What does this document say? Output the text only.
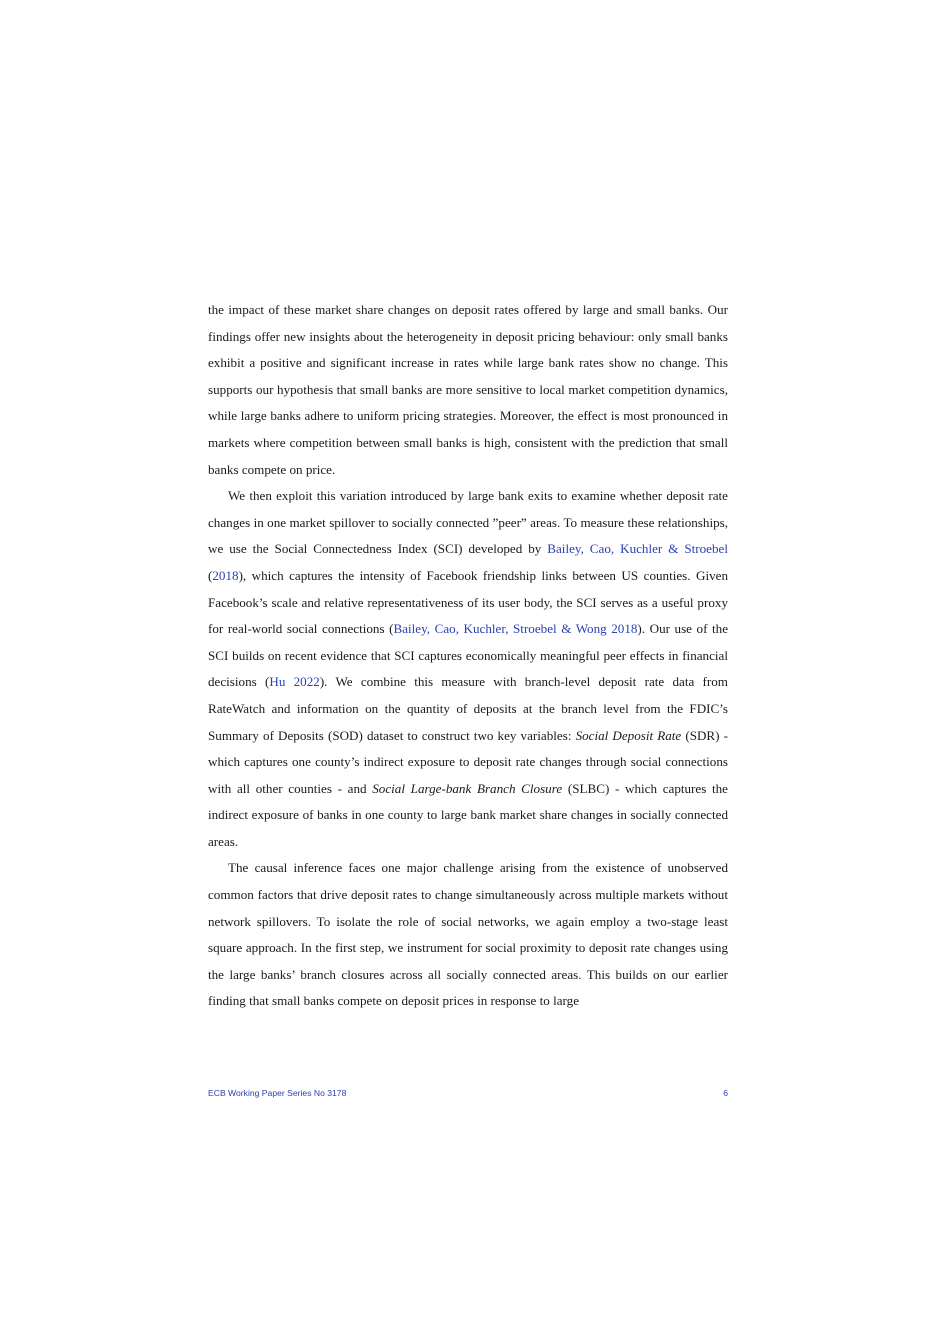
the impact of these market share changes on deposit rates offered by large and small banks. Our findings offer new insights about the heterogeneity in deposit pricing behaviour: only small banks exhibit a positive and significant increase in rates while large bank rates show no change. This supports our hypothesis that small banks are more sensitive to local market competition dynamics, while large banks adhere to uniform pricing strategies. Moreover, the effect is most pronounced in markets where competition between small banks is high, consistent with the prediction that small banks compete on price.

We then exploit this variation introduced by large bank exits to examine whether deposit rate changes in one market spillover to socially connected ”peer” areas. To measure these relationships, we use the Social Connectedness Index (SCI) developed by Bailey, Cao, Kuchler & Stroebel (2018), which captures the intensity of Facebook friendship links between US counties. Given Facebook’s scale and relative representativeness of its user body, the SCI serves as a useful proxy for real-world social connections (Bailey, Cao, Kuchler, Stroebel & Wong 2018). Our use of the SCI builds on recent evidence that SCI captures economically meaningful peer effects in financial decisions (Hu 2022). We combine this measure with branch-level deposit rate data from RateWatch and information on the quantity of deposits at the branch level from the FDIC’s Summary of Deposits (SOD) dataset to construct two key variables: Social Deposit Rate (SDR) - which captures one county’s indirect exposure to deposit rate changes through social connections with all other counties - and Social Large-bank Branch Closure (SLBC) - which captures the indirect exposure of banks in one county to large bank market share changes in socially connected areas.

The causal inference faces one major challenge arising from the existence of unobserved common factors that drive deposit rates to change simultaneously across multiple markets without network spillovers. To isolate the role of social networks, we again employ a two-stage least square approach. In the first step, we instrument for social proximity to deposit rate changes using the large banks’ branch closures across all socially connected areas. This builds on our earlier finding that small banks compete on deposit prices in response to large

ECB Working Paper Series No 3178	6
